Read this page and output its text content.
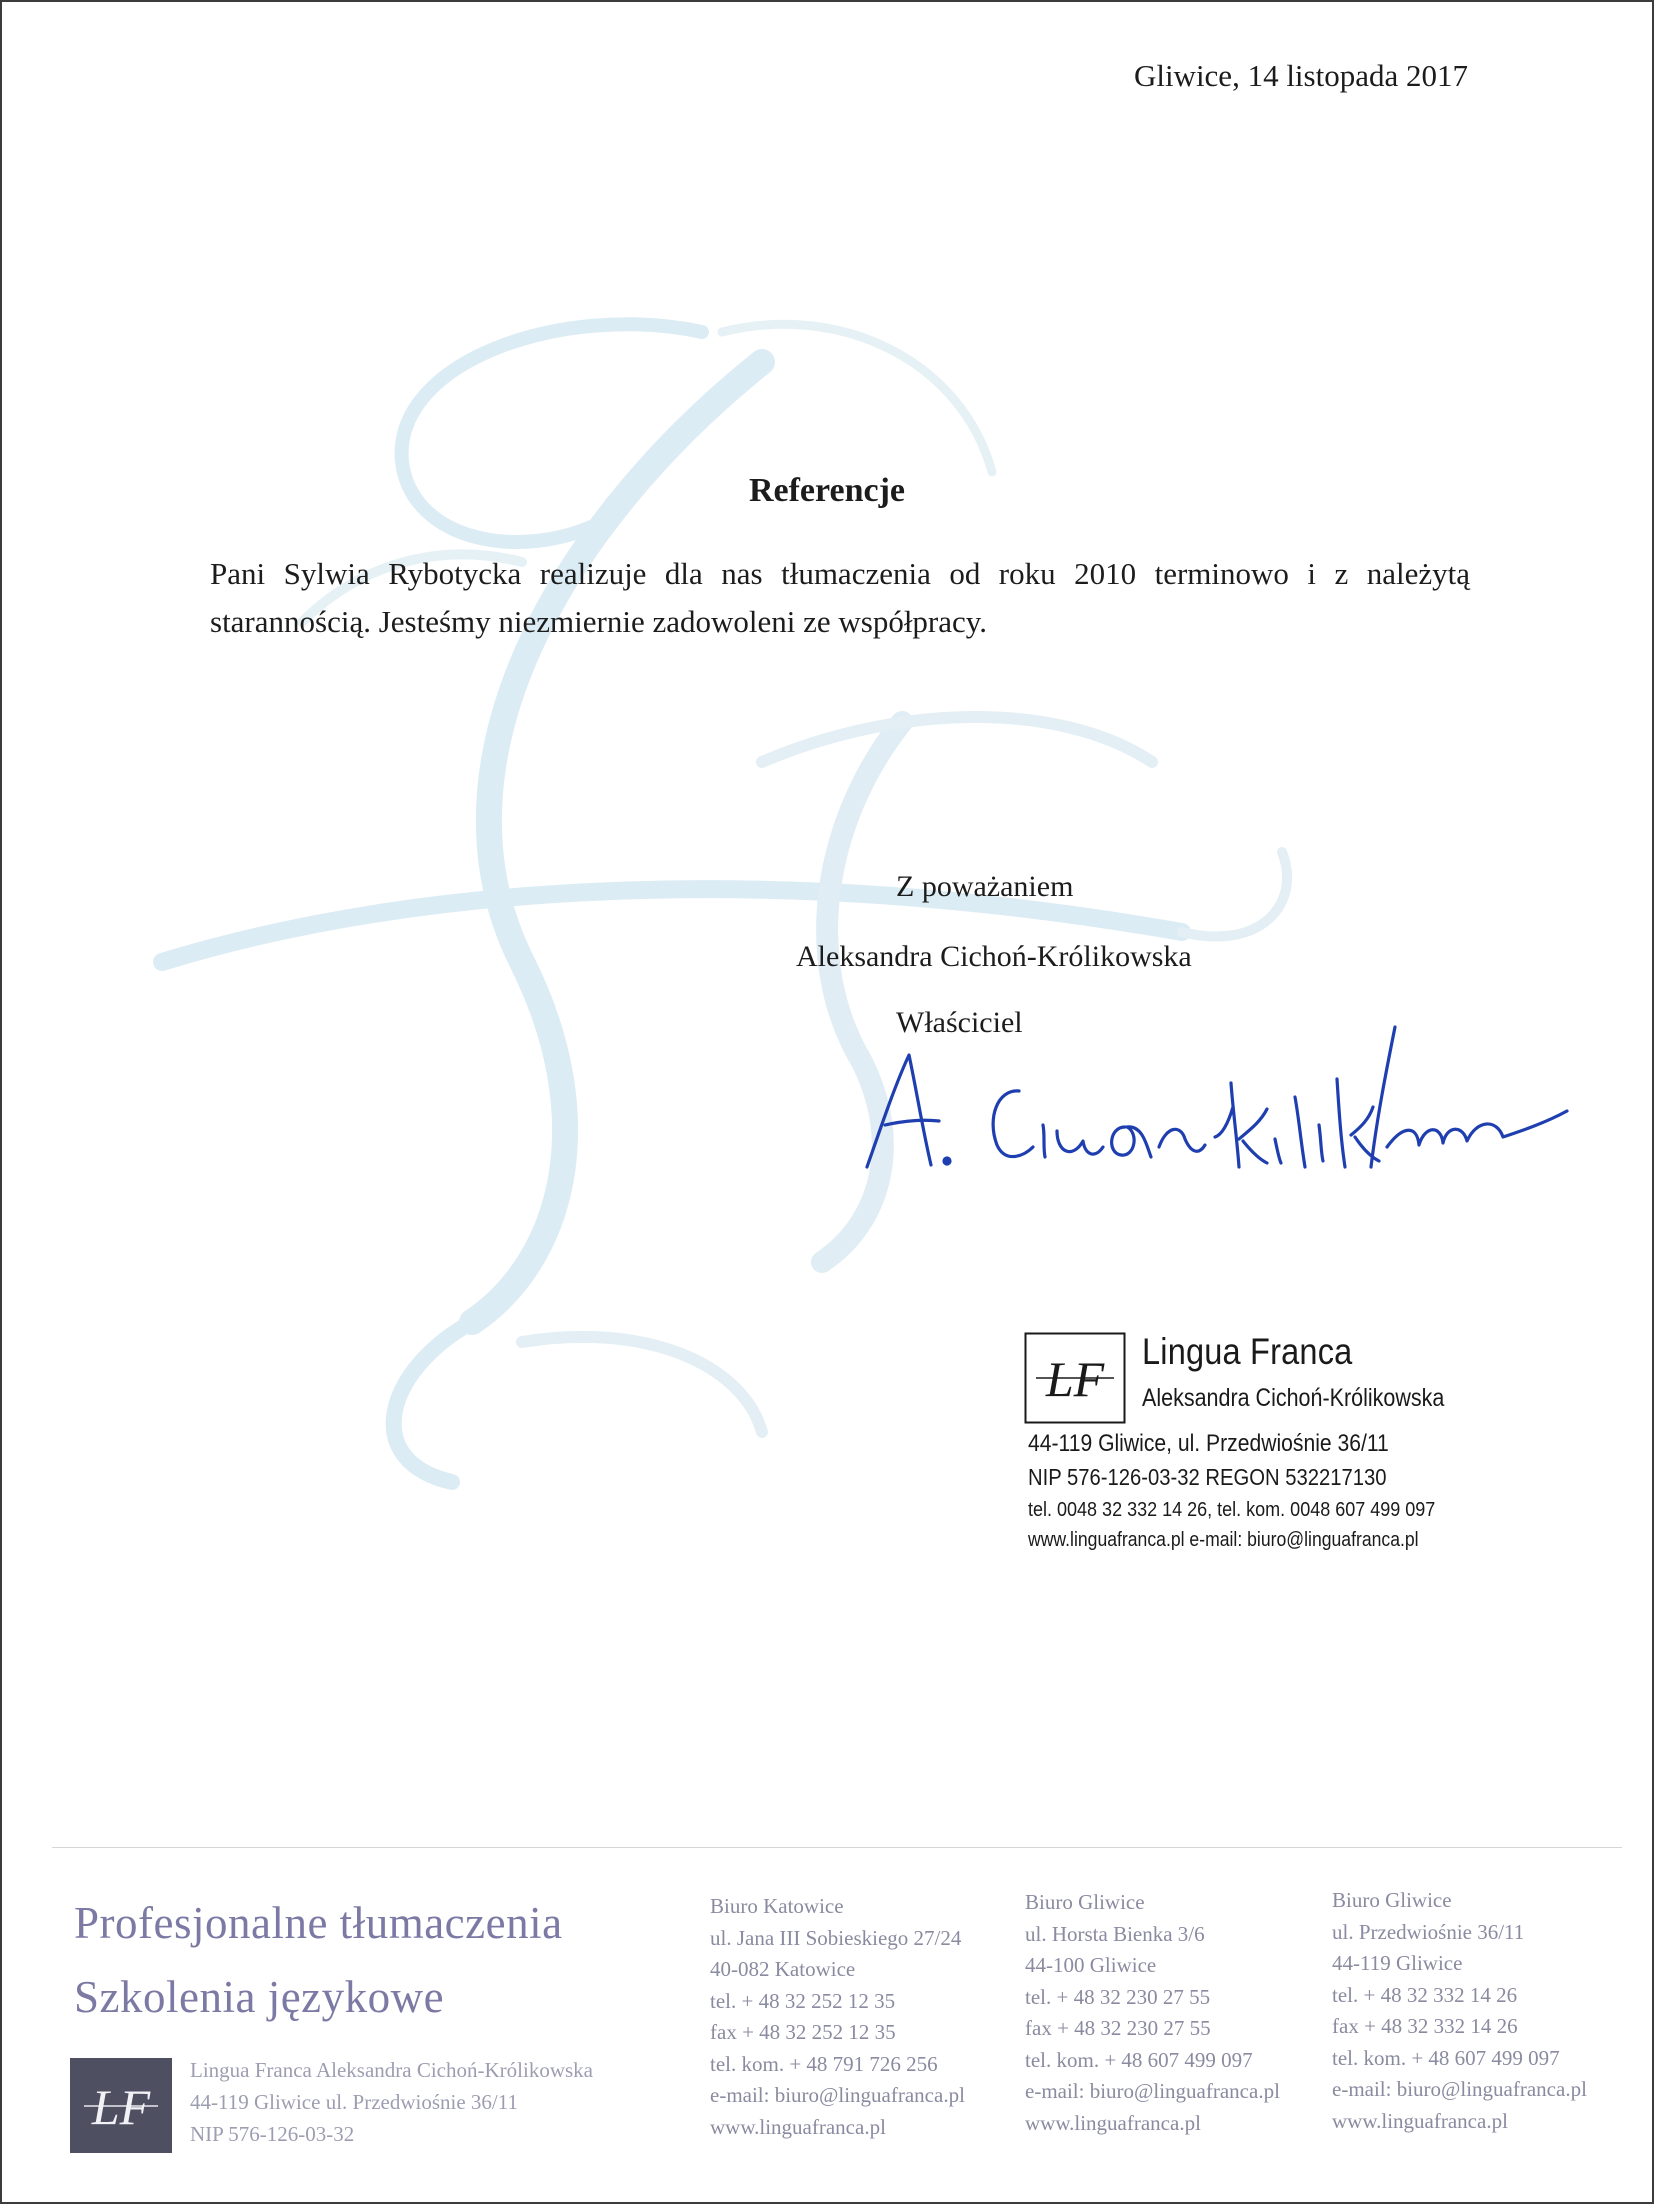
Gliwice, 14 listopada 2017
Referencje

Pani Sylwia Rybotycka realizuje dla nas tłumaczenia od roku 2010 terminowo i z należytą starannością. Jesteśmy niezmiernie zadowoleni ze współpracy.

Z poważaniem
Aleksandra Cichoń-Królikowska
Właściciel
LF Lingua Franca
Aleksandra Cichoń-Królikowska
44-119 Gliwice, ul. Przedwiośnie 36/11
NIP 576-126-03-32 REGON 532217130
tel. 0048 32 332 14 26, tel. kom. 0048 607 499 097
www.linguafranca.pl e-mail: biuro@linguafranca.pl
Profesjonalne tłumaczenia
Szkolenia językowe
LF
Lingua Franca Aleksandra Cichoń-Królikowska
44-119 Gliwice ul. Przedwiośnie 36/11
NIP 576-126-03-32
Biuro Katowice
ul. Jana III Sobieskiego 27/24
40-082 Katowice
tel. + 48 32 252 12 35
fax + 48 32 252 12 35
tel. kom. + 48 791 726 256
e-mail: biuro@linguafranca.pl
www.linguafranca.pl
Biuro Gliwice
ul. Horsta Bienka 3/6
44-100 Gliwice
tel. + 48 32 230 27 55
fax + 48 32 230 27 55
tel. kom. + 48 607 499 097
e-mail: biuro@linguafranca.pl
www.linguafranca.pl
Biuro Gliwice
ul. Przedwiośnie 36/11
44-119 Gliwice
tel. + 48 32 332 14 26
fax + 48 32 332 14 26
tel. kom. + 48 607 499 097
e-mail: biuro@linguafranca.pl
www.linguafranca.pl
